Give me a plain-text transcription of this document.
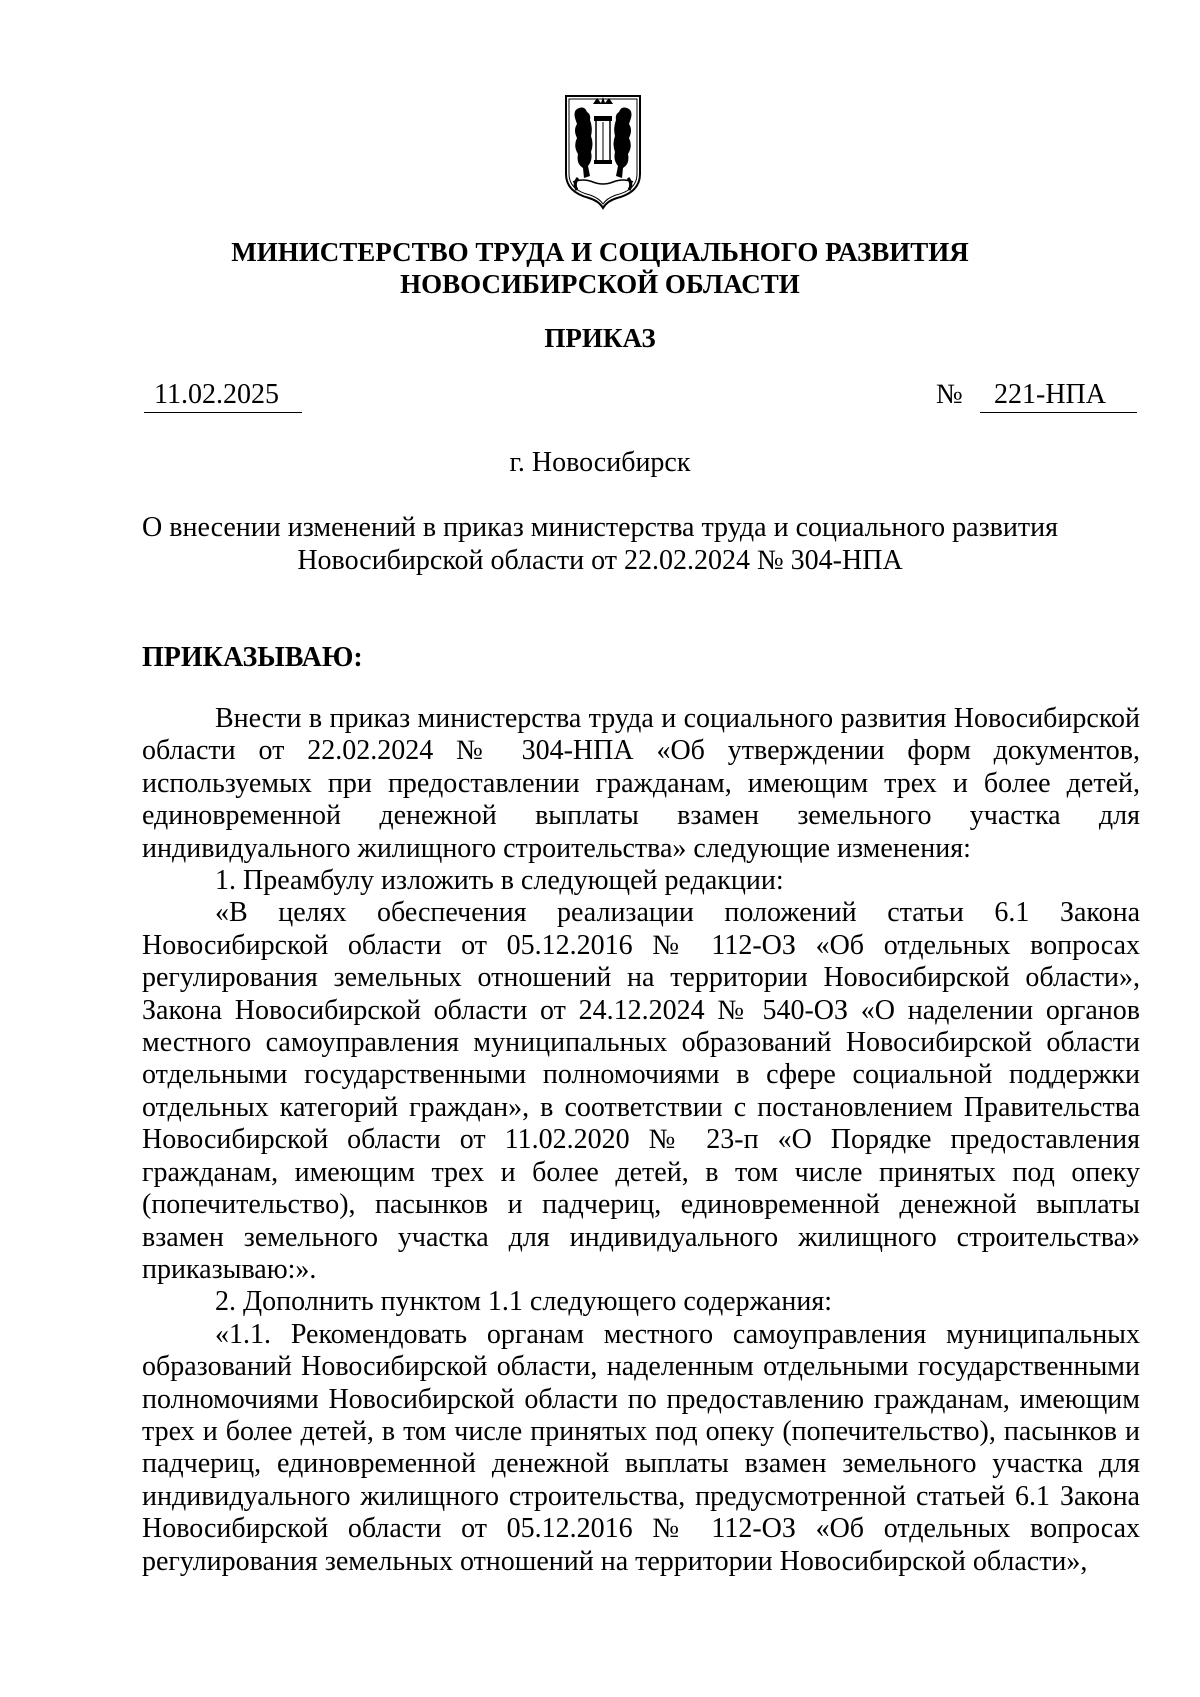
МИНИСТЕРСТВО ТРУДА И СОЦИАЛЬНОГО РАЗВИТИЯ
НОВОСИБИРСКОЙ ОБЛАСТИ
ПРИКАЗ
11.02.2025	№	221-НПА
г. Новосибирск
О внесении изменений в приказ министерства труда и социального развития
Новосибирской области от 22.02.2024 № 304-НПА
ПРИКАЗЫВАЮ:

Внести в приказ министерства труда и социального развития Новосибирской области от 22.02.2024 № 304-НПА «Об утверждении форм документов, используемых при предоставлении гражданам, имеющим трех и более детей, единовременной денежной выплаты взамен земельного участка для индивидуального жилищного строительства» следующие изменения:

1. Преамбулу изложить в следующей редакции:

«В целях обеспечения реализации положений статьи 6.1 Закона Новосибирской области от 05.12.2016 № 112-ОЗ «Об отдельных вопросах регулирования земельных отношений на территории Новосибирской области», Закона Новосибирской области от 24.12.2024 № 540-ОЗ «О наделении органов местного самоуправления муниципальных образований Новосибирской области отдельными государственными полномочиями в сфере социальной поддержки отдельных категорий граждан», в соответствии с постановлением Правительства Новосибирской области от 11.02.2020 № 23-п «О Порядке предоставления гражданам, имеющим трех и более детей, в том числе принятых под опеку (попечительство), пасынков и падчериц, единовременной денежной выплаты взамен земельного участка для индивидуального жилищного строительства» приказываю:».

2. Дополнить пунктом 1.1 следующего содержания:

«1.1. Рекомендовать органам местного самоуправления муниципальных образований Новосибирской области, наделенным отдельными государственными полномочиями Новосибирской области по предоставлению гражданам, имеющим трех и более детей, в том числе принятых под опеку (попечительство), пасынков и падчериц, единовременной денежной выплаты взамен земельного участка для индивидуального жилищного строительства, предусмотренной статьей 6.1 Закона Новосибирской области от 05.12.2016 № 112-ОЗ «Об отдельных вопросах регулирования земельных отношений на территории Новосибирской области»,
